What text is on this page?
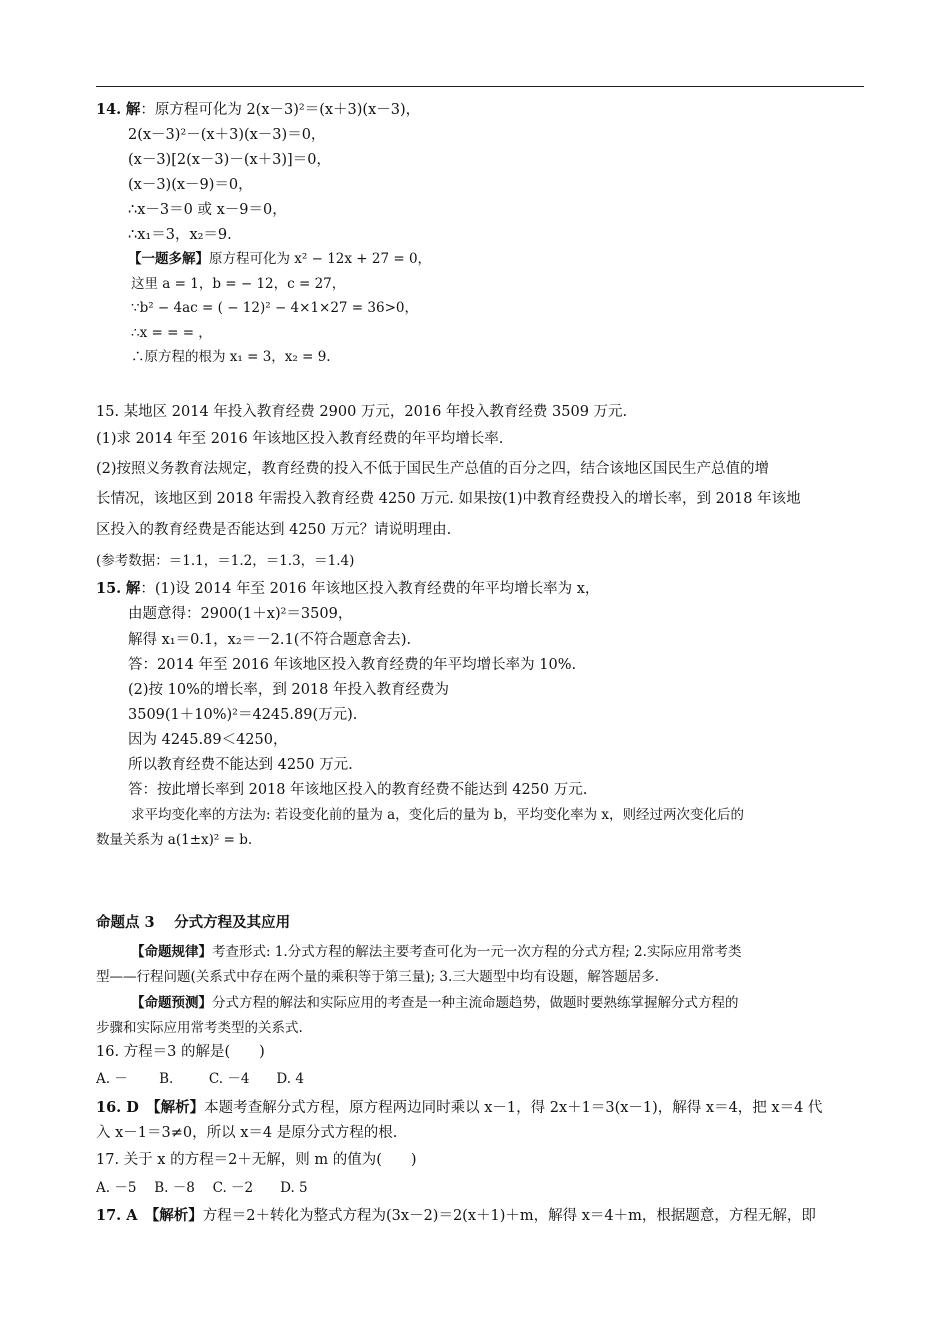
14. 解：原方程可化为 2(x－3)²＝(x＋3)(x－3)，
2(x－3)²－(x＋3)(x－3)＝0，
(x－3)[2(x－3)－(x＋3)]＝0，
(x－3)(x－9)＝0，
∴x－3＝0 或 x－9＝0，
∴x₁＝3，x₂＝9.
【一题多解】原方程可化为 x² − 12x + 27 = 0，
这里 a = 1，b = − 12，c = 27，
∵b² − 4ac = ( − 12)² − 4×1×27 = 36>0，
∴x = = = ，
∴原方程的根为 x₁ = 3，x₂ = 9.
15. 某地区 2014 年投入教育经费 2900 万元，2016 年投入教育经费 3509 万元.
(1)求 2014 年至 2016 年该地区投入教育经费的年平均增长率.
(2)按照义务教育法规定，教育经费的投入不低于国民生产总值的百分之四，结合该地区国民生产总值的增
长情况，该地区到 2018 年需投入教育经费 4250 万元. 如果按(1)中教育经费投入的增长率，到 2018 年该地
区投入的教育经费是否能达到 4250 万元？请说明理由.
(参考数据：＝1.1，＝1.2，＝1.3，＝1.4)
15. 解：(1)设 2014 年至 2016 年该地区投入教育经费的年平均增长率为 x，
由题意得：2900(1＋x)²＝3509，
解得 x₁＝0.1，x₂＝－2.1(不符合题意舍去).
答：2014 年至 2016 年该地区投入教育经费的年平均增长率为 10%.
(2)按 10%的增长率，到 2018 年投入教育经费为
3509(1＋10%)²＝4245.89(万元).
因为 4245.89＜4250，
所以教育经费不能达到 4250 万元.
答：按此增长率到 2018 年该地区投入的教育经费不能达到 4250 万元.
求平均变化率的方法为: 若设变化前的量为 a，变化后的量为 b，平均变化率为 x，则经过两次变化后的
数量关系为 a(1±x)² = b.
命题点 3　 分式方程及其应用
【命题规律】考查形式: 1.分式方程的解法主要考查可化为一元一次方程的分式方程; 2.实际应用常考类
型——行程问题(关系式中存在两个量的乘积等于第三量); 3.三大题型中均有设题，解答题居多.
【命题预测】分式方程的解法和实际应用的考查是一种主流命题趋势，做题时要熟练掌握解分式方程的
步骤和实际应用常考类型的关系式.
16. 方程＝3 的解是(　　)
A. －　　 B. 　　 C. －4　　D. 4
16. D　【解析】本题考查解分式方程，原方程两边同时乘以 x－1，得 2x＋1＝3(x－1)，解得 x＝4，把 x＝4 代
入 x－1＝3≠0，所以 x＝4 是原分式方程的根.
17. 关于 x 的方程＝2＋无解，则 m 的值为(　　)
A. －5　 B. －8　 C. －2　　D. 5
17. A　【解析】方程＝2＋转化为整式方程为(3x－2)＝2(x＋1)＋m，解得 x＝4＋m，根据题意，方程无解，即
